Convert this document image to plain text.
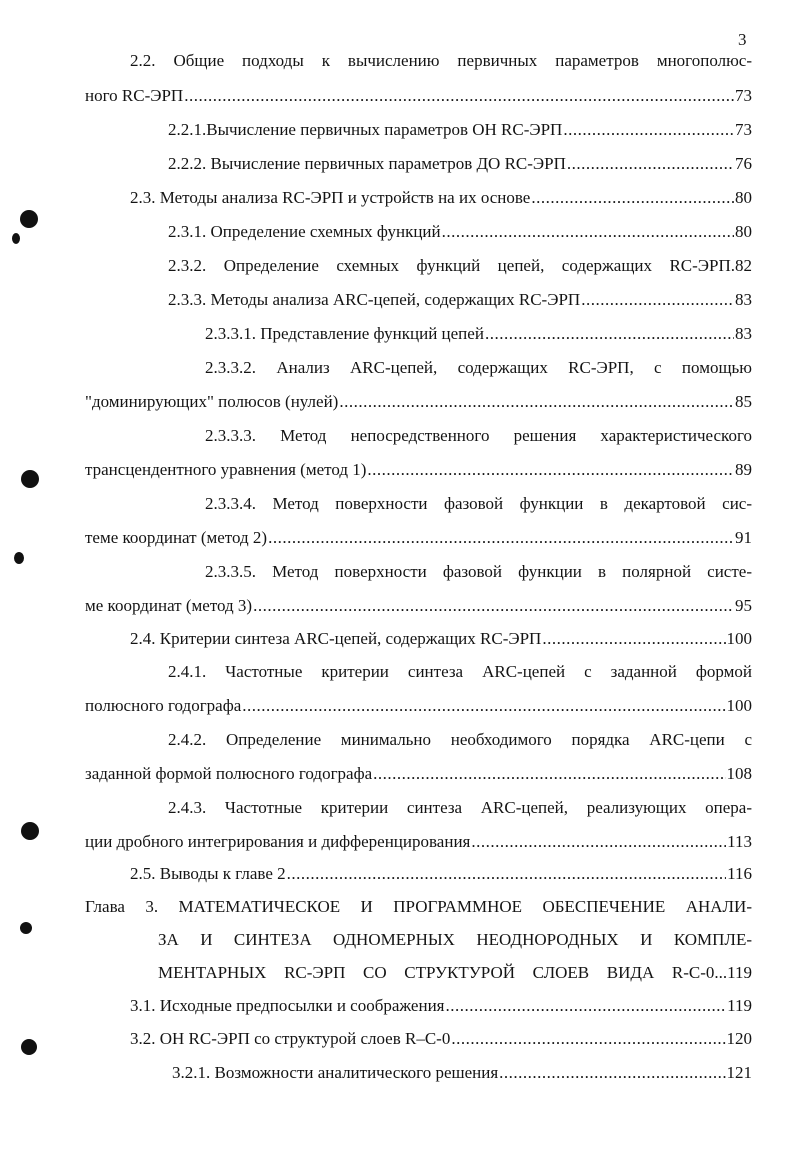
3
2.2. Общие подходы к вычислению первичных параметров многополюс-
ного RC-ЭРП .....	73
2.2.1.Вычисление первичных параметров ОН RC-ЭРП .....	73
2.2.2. Вычисление первичных параметров ДО RC-ЭРП .....	76
2.3. Методы анализа RC-ЭРП и устройств на их основе .....	80
2.3.1. Определение схемных функций .....	80
2.3.2. Определение схемных функций цепей, содержащих RC-ЭРП.82
2.3.3. Методы анализа ARC-цепей, содержащих RC-ЭРП .....	83
2.3.3.1. Представление функций цепей .....	83
2.3.3.2. Анализ ARC-цепей, содержащих RC-ЭРП, с помощью
"доминирующих" полюсов (нулей) .....	85
2.3.3.3. Метод непосредственного решения характеристического
трансцендентного уравнения (метод 1) .....	89
2.3.3.4. Метод поверхности фазовой функции в декартовой сис-
теме координат (метод 2) .....	91
2.3.3.5. Метод поверхности фазовой функции в полярной систе-
ме координат (метод 3) .....	95
2.4. Критерии синтеза ARC-цепей, содержащих RC-ЭРП .....	100
2.4.1. Частотные критерии синтеза ARC-цепей с заданной формой
полюсного годографа .....	100
2.4.2. Определение минимально необходимого порядка ARC-цепи с
заданной формой полюсного годографа .....	108
2.4.3. Частотные критерии синтеза ARC-цепей, реализующих опера-
ции дробного интегрирования и дифференцирования .....	113
2.5. Выводы к главе 2 .....	116
Глава 3. МАТЕМАТИЧЕСКОЕ И ПРОГРАММНОЕ ОБЕСПЕЧЕНИЕ АНАЛИ-
ЗА И СИНТЕЗА ОДНОМЕРНЫХ НЕОДНОРОДНЫХ И КОМПЛЕ-
МЕНТАРНЫХ RC-ЭРП СО СТРУКТУРОЙ СЛОЕВ ВИДА R-C-0...119
3.1. Исходные предпосылки и соображения .....	119
3.2. ОН RC-ЭРП со структурой слоев R–C-0 .....	120
3.2.1. Возможности аналитического решения .....	121
